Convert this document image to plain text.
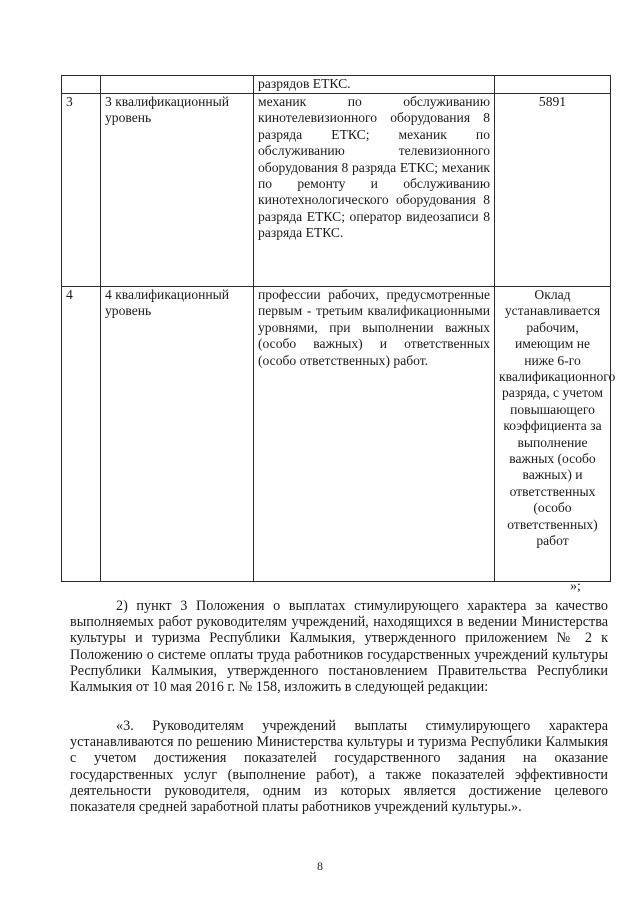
		разрядов ЕТКС.	
3	3 квалификационный уровень	механик по обслуживанию кинотелевизионного оборудования 8 разряда ЕТКС; механик по обслуживанию телевизионного оборудования 8 разряда ЕТКС; механик по ремонту и обслуживанию кинотехнологического оборудования 8 разряда ЕТКС; оператор видеозаписи 8 разряда ЕТКС.	5891
4	4 квалификационный уровень	профессии рабочих, предусмотренные первым - третьим квалификационными уровнями, при выполнении важных (особо важных) и ответственных (особо ответственных) работ.	Оклад устанавливается рабочим, имеющим не ниже 6-го квалификационного разряда, с учетом повышающего коэффициента за выполнение важных (особо важных) и ответственных (особо ответственных) работ
»;

2) пункт 3 Положения о выплатах стимулирующего характера за качество выполняемых работ руководителям учреждений, находящихся в ведении Министерства культуры и туризма Республики Калмыкия, утвержденного приложением № 2 к Положению о системе оплаты труда работников государственных учреждений культуры Республики Калмыкия, утвержденного постановлением Правительства Республики Калмыкия от 10 мая 2016 г. № 158, изложить в следующей редакции:

«3. Руководителям учреждений выплаты стимулирующего характера устанавливаются по решению Министерства культуры и туризма Республики Калмыкия с учетом достижения показателей государственного задания на оказание государственных услуг (выполнение работ), а также показателей эффективности деятельности руководителя, одним из которых является достижение целевого показателя средней заработной платы работников учреждений культуры.».

8
